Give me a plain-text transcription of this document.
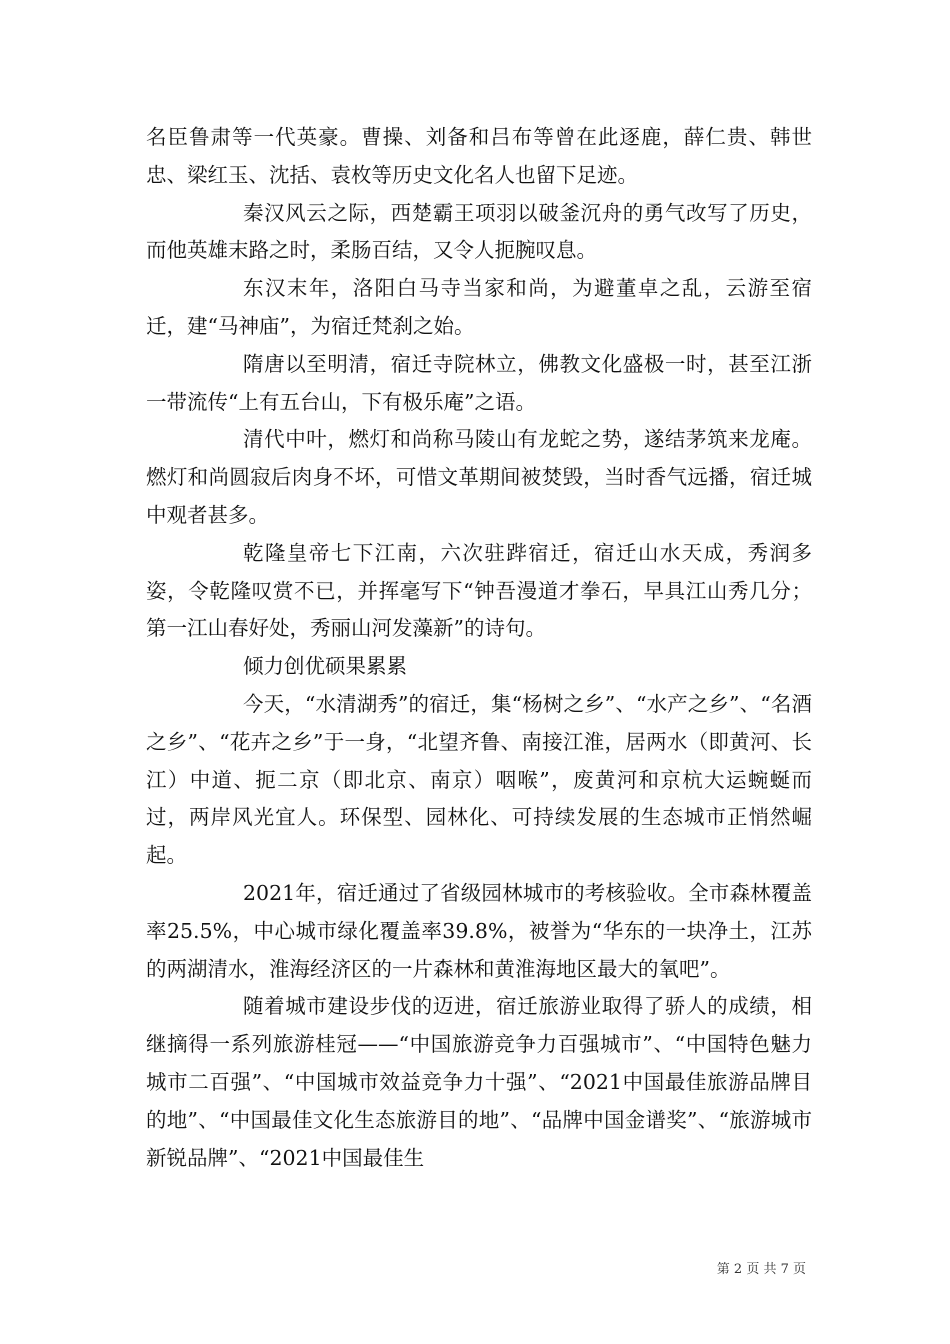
名臣鲁肃等一代英豪。曹操、刘备和吕布等曾在此逐鹿，薛仁贵、韩世忠、梁红玉、沈括、袁枚等历史文化名人也留下足迹。

秦汉风云之际，西楚霸王项羽以破釜沉舟的勇气改写了历史，而他英雄末路之时，柔肠百结，又令人扼腕叹息。

东汉末年，洛阳白马寺当家和尚，为避董卓之乱，云游至宿迁，建“马神庙”，为宿迁梵刹之始。

隋唐以至明清，宿迁寺院林立，佛教文化盛极一时，甚至江浙一带流传“上有五台山，下有极乐庵”之语。

清代中叶，燃灯和尚称马陵山有龙蛇之势，遂结茅筑来龙庵。燃灯和尚圆寂后肉身不坏，可惜文革期间被焚毁，当时香气远播，宿迁城中观者甚多。

乾隆皇帝七下江南，六次驻跸宿迁，宿迁山水天成，秀润多姿，令乾隆叹赏不已，并挥毫写下“钟吾漫道才拳石，早具江山秀几分；第一江山春好处，秀丽山河发藻新”的诗句。

倾力创优硕果累累

今天，“水清湖秀”的宿迁，集“杨树之乡”、“水产之乡”、“名酒之乡”、“花卉之乡”于一身，“北望齐鲁、南接江淮，居两水（即黄河、长江）中道、扼二京（即北京、南京）咽喉”，废黄河和京杭大运蜿蜒而过，两岸风光宜人。环保型、园林化、可持续发展的生态城市正悄然崛起。

2021年，宿迁通过了省级园林城市的考核验收。全市森林覆盖率25.5%，中心城市绿化覆盖率39.8%，被誉为“华东的一块净土，江苏的两湖清水，淮海经济区的一片森林和黄淮海地区最大的氧吧”。

随着城市建设步伐的迈进，宿迁旅游业取得了骄人的成绩，相继摘得一系列旅游桂冠——“中国旅游竞争力百强城市”、“中国特色魅力城市二百强”、“中国城市效益竞争力十强”、“2021中国最佳旅游品牌目的地”、“中国最佳文化生态旅游目的地”、“品牌中国金谱奖”、“旅游城市新锐品牌”、“2021中国最佳生

第 2 页 共 7 页
